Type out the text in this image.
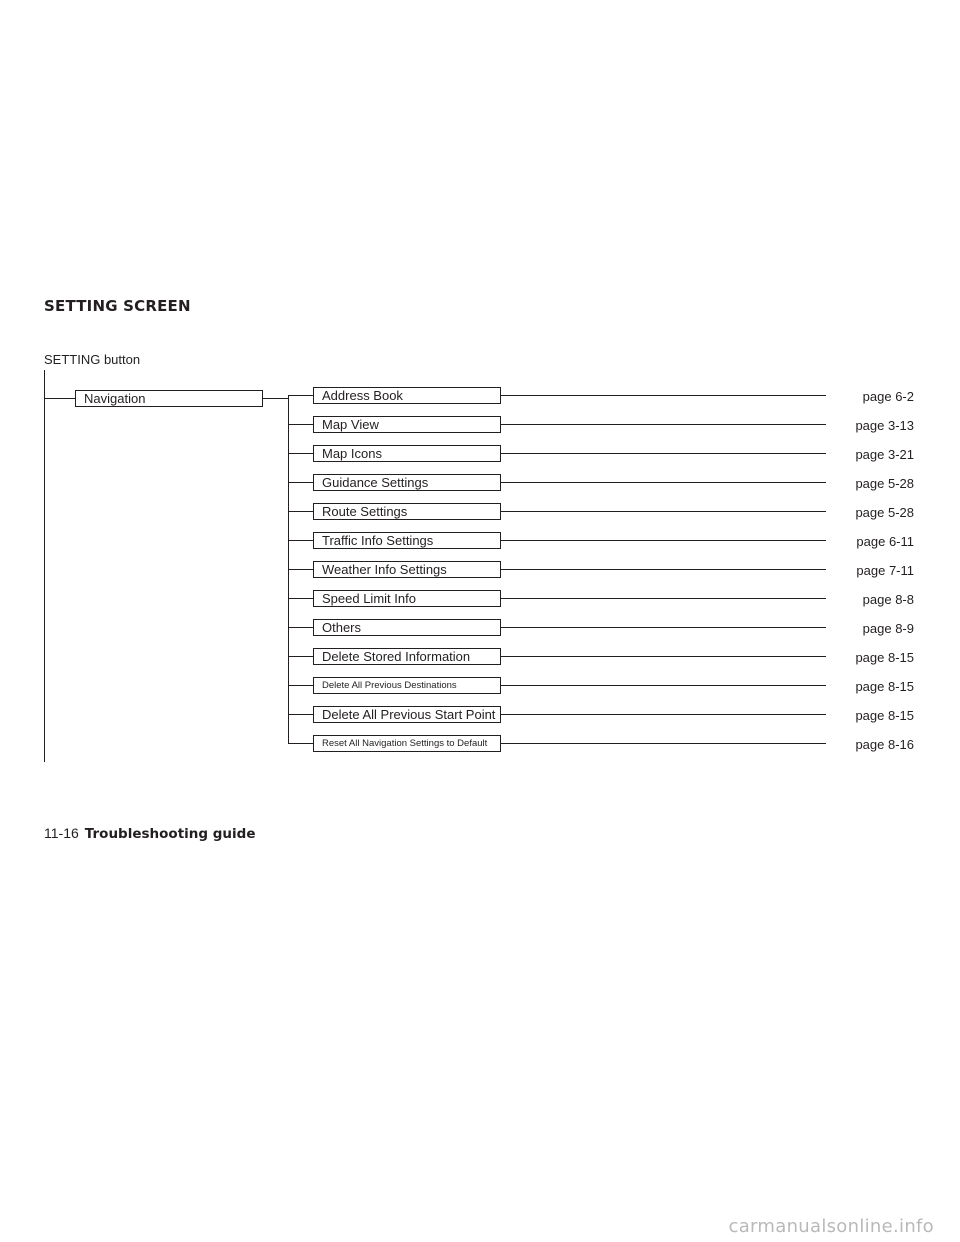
SETTING SCREEN
SETTING button
Navigation	Address Book	page 6-2
Map View	page 3-13
Map Icons	page 3-21
Guidance Settings	page 5-28
Route Settings	page 5-28
Traffic Info Settings	page 6-11
Weather Info Settings	page 7-11
Speed Limit Info	page 8-8
Others	page 8-9
Delete Stored Information	page 8-15
Delete All Previous Destinations	page 8-15
Delete All Previous Start Point	page 8-15
Reset All Navigation Settings to Default	page 8-16
11-16 Troubleshooting guide
carmanualsonline.info
